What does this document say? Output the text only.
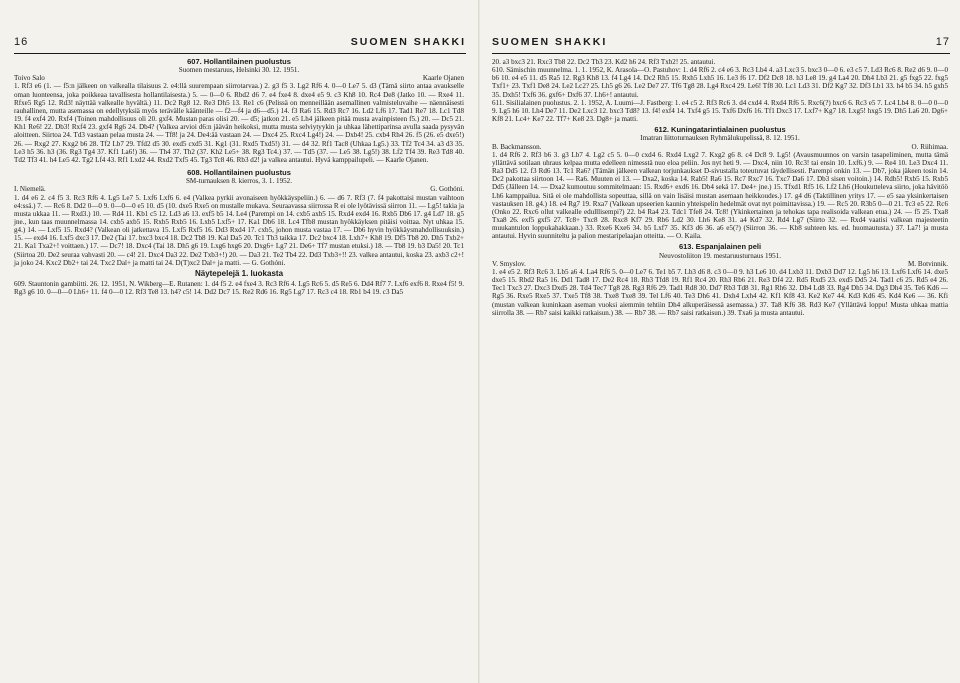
16	SUOMEN SHAKKI
607. Hollantilainen puolustus
Suomen mestaruus, Helsinki 30. 12. 1951.
Toivo Salo	Kaarle Ojanen

1. Rf3 e6 (1. — f5:n jälkeen on valkealla tilaisuus 2. e4:llä suurempaan siirrotarvaa.) 2. g3 f5 3. Lg2 Rf6 4. 0—0 Le7 5. d3 (Tämä siirto antaa avaukselle oman luonteensa, joka poikkeaa tavallisesta hollantilaisesta.) 5. — 0—0 6. Rbd2 d6 7. e4 fxe4 8. dxe4 e5 9. c3 Kh8 10. Rc4 De8 (Jatko 10. — Rxe4 11. Rfxe5 Rg5 12. Rd3! näyttää valkealle hyvältä.) 11. Dc2 Rg8 12. Re3 Dh5 13. Re1 c6 (Pelissä on menneillään asemallinen valmisteluvaihe — näennäisesti rauhallinen, mutta asemassa on edellytyksiä myös terävälle käänteille — f2—f4 ja d6—d5.) 14. f3 Ra6 15. Rd3 Rc7 16. Ld2 Lf6 17. Tad1 Re7 18. Lc1 Td8 19. f4 exf4 20. Rxf4 (Toinen mahdollisuus oli 20. gxf4. Mustan paras olisi 20. — d5; jatkon 21. e5 Lh4 jälkeen pitää musta avainpisteen f5.) 20. — Dc5 21. Kh1 Re6! 22. Db3! Rxf4 23. gxf4 Rg6 24. Db4? (Valkea arvioi d6:n jäävän heikoksi, mutta musta selviytyykin ja uhkaa lähettiparinsa avulla saada pysyvän aloitteen. Siirtoa 24. Td3 vastaan pelaa musta 24. — Tf8! ja 24. De4:ää vastaan 24. — Dxc4 25. Rxc4 Lg4!) 24. — Dxb4! 25. cxb4 Rh4 26. f5 (26. e5 dxe5!) 26. — Rxg2 27. Kxg2 b6 28. Tf2 Lb7 29. Tfd2 d5 30. exd5 cxd5 31. Kg1 (31. Rxd5 Txd5!) 31. — d4 32. Rf1 Tac8 (Uhkaa Lg5.) 33. Tf2 Tc4 34. a3 d3 35. Le3 h5 36. h3 (36. Rg3 Tg4 37. Kf1 La6!) 36. — Th4 37. Th2 (37. Kh2 Le5+ 38. Rg3 Tc4.) 37. — Td5 (37. — Le5 38. Lg5!) 38. Lf2 Tf4 39. Re3 Td8 40. Td2 Tf3 41. h4 Le5 42. Tg2 Lf4 43. Rf1 Lxd2 44. Rxd2 Txf5 45. Tg3 Tc8 46. Rb3 d2! ja valkea antautui. Hyvä kamppailupeli. — Kaarle Ojanen.

608. Hollantilainen puolustus
SM-turnauksen 8. kierros, 3. 1. 1952.
I. Niemelä.	G. Gothóni.

1. d4 e6 2. c4 f5 3. Rc3 Rf6 4. Lg5 Le7 5. Lxf6 Lxf6 6. e4 (Valkea pyrkii avonaiseen hyökkäyspeliin.) 6. — d6 7. Rf3 (7. f4 pakottaisi mustan vaihtoon e4:ssä.) 7. — Rc6 8. Dd2 0—0 9. 0—0—0 e5 10. d5 (10. dxe5 Rxe5 on mustalle mukava. Seuraavassa siirrossa R ei ole lyötävissä siirron 11. — Lg5! takia ja musta ukkaa 11. — Rxd3.) 10. — Rd4 11. Kb1 c5 12. Ld3 a6 13. exf5 b5 14. Le4 (Parempi on 14. cxb5 axb5 15. Rxd4 exd4 16. Rxb5 Db6 17. g4 Ld7 18. g5 jne., kun taas muunnelmassa 14. cxb5 axb5 15. Rxb5 Rxb5 16. Lxb5 Lxf5+ 17. Ka1 Db6 18. Lc4 Tfb8 mustan hyökkäyksen pitäisi voittaa. Nyt uhkaa 15. g4.) 14. — Lxf5 15. Rxd4? (Valkean oli jatkettava 15. Lxf5 Rxf5 16. Dd3 Rxd4 17. cxb5, johon musta vastaa 17. — Db6 hyvin hyökkäysmahdollisuuksin.) 15. — exd4 16. Lxf5 dxc3 17. De2 (Tai 17. bxc3 bxc4 18. Dc2 Tb8 19. Kal Da5 20. Tc1 Tb3 taikka 17. Dc2 bxc4 18. Lxh7+ Kh8 19. Df5 Tb8 20. Dh5 Txb2+ 21. Ka1 Txa2+! voittaen.) 17. — Dc7! 18. Dxc4 (Tai 18. Dh5 g6 19. Lxg6 hxg6 20. Dxg6+ Lg7 21. De6+ Tf7 mustan etuksi.) 18. — Tb8 19. b3 Da5! 20. Tc1 (Siirtoa 20. De2 seuraa vahvasti 20. — c4! 21. Dxc4 Da3 22. De2 Txb3+!) 20. — Da3 21. Te2 Tb4 22. Dd3 Txb3+!! 23. valkea antautui, koska 23. axb3 c2+! ja joko 24. Kxc2 Db2+ tai 24. Txc2 Dal+ ja matti tai 24. D(T)xc2 Dal+ ja matti. — G. Gothóni.

Näytepelejä 1. luokasta

609. Stauntonin gambiitti. 26. 12. 1951, N. Wikberg—E. Rutanen: 1. d4 f5 2. e4 fxe4 3. Rc3 Rf6 4. Lg5 Rc6 5. d5 Re5 6. Dd4 Rf7 7. Lxf6 exf6 8. Rxe4 f5! 9. Rg3 g6 10. 0—0—0 Lh6+ 11. f4 0—0 12. Rf3 Te8 13. h4? c5! 14. Dd2 Dc7 15. Re2 Rd6 16. Rg5 Lg7 17. Rc3 c4 18. Rb1 b4 19. c3 Da5

SUOMEN SHAKKI	17

20. a3 bxc3 21. Rxc3 Tb8 22. Dc2 Tb3 23. Kd2 h6 24. Rf3 Txb2! 25. antautui.

610. Sämischin muunnelma. 1. 1. 1952, K. Arasola—O. Pastuhov: 1. d4 Rf6 2. c4 e6 3. Rc3 Lb4 4. a3 Lxc3 5. bxc3 0—0 6. e3 c5 7. Ld3 Rc6 8. Re2 d6 9. 0—0 b6 10. e4 e5 11. d5 Ra5 12. Rg3 Kh8 13. f4 Lg4 14. Dc2 Rh5 15. Rxh5 Lxh5 16. Le3 f6 17. Df2 Dc8 18. h3 Le8 19. g4 La4 20. Dh4 Lb3 21. g5 fxg5 22. fxg5 Txf1+ 23. Txf1 De8 24. Le2 Lc2? 25. Lh5 g6 26. Le2 De7 27. Tf6 Tg8 28. Lg4 Rxc4 29. Le6! Tf8 30. Lc1 Ld3 31. Df2 Kg7 32. Df3 Lb1 33. h4 b5 34. h5 gxh5 35. Dxh5! Txf6 36. gxf6+ Dxf6 37. Lh6+! antautui.

611. Sisilialainen puolustus. 2. 1. 1952, A. Luumi—J. Fastberg: 1. e4 c5 2. Rf3 Rc6 3. d4 cxd4 4. Rxd4 Rf6 5. Rxc6(?) bxc6 6. Rc3 e5 7. Lc4 Lb4 8. 0—0 0—0 9. Lg5 h6 10. Lh4 De7 11. De2 Lxc3 12. bxc3 Td8? 13. f4! exf4 14. Txf4 g5 15. Txf6 Dxf6 16. Tf1 Dxc3 17. Lxf7+ Kg7 18. Lxg5! hxg5 19. Dh5 La6 20. Dg6+ Kf8 21. Lc4+ Ke7 22. Tf7+ Ke8 23. Dg8+ ja matti.

612. Kuningatarintialainen puolustus
Imatran liittoturnauksen Ryhmälukupelissä, 8. 12. 1951.
B. Backmansson.	O. Riihimaa.

1. d4 Rf6 2. Rf3 b6 3. g3 Lb7 4. Lg2 c5 5. 0—0 cxd4 6. Rxd4 Lxg2 7. Kxg2 g6 8. c4 Dc8 9. Lg5! (Avausmuunnos on varsin tasapeliminen, mutta tämä yllättävä sotilaan uhraus kelpaa mutta edelleen nimesstä nuo eloa peliin. Jos nyt heti 9. — Dxc4, niin 10. Rc3! tai ensin 10. Lxf6.) 9. — Re4 10. Le3 Dxc4 11. Ra3 Dd5 12. f3 Rd6 13. Tc1 Ra6? (Tämän jälkeen valkean torjunkaukset D-sivustalla toteutuvat täydellisesti. Parempi onkin 13. — Db7, joka jäkeen tosin 14. Dc2 pakottaa siirtoon 14. — Ra6. Muuten ei 13. — Dxa2, koska 14. Rab5! Ra6 15. Rc7 Rxc7 16. Txc7 Da6 17. Db3 sisen voitoin.) 14. Rdb5! Rxb5 15. Rxb5 Dd5 (Jälleen 14. — Dxa2 kumoutuu sommitelmaan: 15. Rxd6+ exd6 16. Db4 sekä 17. De4+ jne.) 15. Tfxd1 Rf5 16. Lf2 Lh6 (Houkutteleva siirto, joka hävitöö Lh6 kamppailua. Sitä ei ole mahdollista sopeuttaa, sillä on vain lisäisi mustan asemaan heikkoudes.) 17. g4 d6 (Taktillinen yritys 17. — e5 saa yksinkertaisen vastauksen 18. g4.) 18. e4 Rg7 19. Rxa7 (Valkean upseerien kaunin yhteispelin hedelmät ovat nyt poimittavissa.) 19. — Rc5 20. R3b5 0—0 21. Tc3 e5 22. Rc6 (Onko 22. Rxc6 ollut valkealle edulllisempi?) 22. b4 Ra4 23. Tdc1 Tfe8 24. Tc8! (Ykinkertainen ja tehokas tapa realisoida valkean etua.) 24. — f5 25. Txa8 Txa8 26. exf5 gxf5 27. Tc8+ Txc8 28. Rxc8 Kf7 29. Rb6 Ld2 30. Lh6 Ke8 31. a4 Kd7 32. Rd4 Lg7 (Siirto 32. — Rxd4 vaatisi valkean majesteetin muukantulon loppukahakkaan.) 33. Rxe6 Kxe6 34. b5 Lxf7 35. Kf3 d6 36. a6 e5(?) (Siirron 36. — Kb8 suhteen kts. ed. huomautusta.) 37. La7! ja musta antautui. Hyvin suunniteltu ja palion mestaripelaajan otteitta. — O. Kaila.

613. Espanjalainen peli
Neuvostoliiton 19. mestaruusturnaus 1951.
V. Smyslov.	M. Botvinnik.

1. e4 e5 2. Rf3 Rc6 3. Lb5 a6 4. La4 Rf6 5. 0—0 Le7 6. Te1 b5 7. Lb3 d6 8. c3 0—0 9. h3 Le6 10. d4 Lxb3 11. Dxb3 Dd7 12. Lg5 h6 13. Lxf6 Lxf6 14. dxe5 dxe5 15. Rbd2 Ra5 16. Dd1 Tad8 17. De2 Rc4 18. Rb3 Tfd8 19. Rf1 Rc4 20. Rh3 Rb6 21. Re3 Df4 22. Rd5 Rxd5 23. exd5 Dd5 24. Tad1 c6 25. Rd5 e4 26. Tec1 Txc3 27. Dxc3 Dxd5 28. Td4 Tec7 Tg8 28. Rg3 Rf6 29. Tad1 Rd8 30. Dd7 Rb3 Td8 31. Rg1 Rh6 32. Dh4 Ld8 33. Rg4 Dh5 34. Dg3 Dh4 35. Te6 Kd6 — Rg5 36. Rxe5 Rxe5 37. Txe5 Tf8 38. Txe8 Txe8 39. Tel Lf6 40. Te3 Dh6 41. Dxh4 Lxh4 42. Kf1 Kf8 43. Ke2 Ke7 44. Kd3 Kd6 45. Kd4 Ke6 — 36. Kfi (mustan valkean kuninkaan aseman vuoksi aiemmin tehtiin Dh4 alkuperäisessä asemassa.) 37. Ta8 Kf6 38. Rd3 Ke7 (Yllättävä loppu! Musta uhkaa mattia siirrolla 38. — Rb7 saisi kaikki ratkaisun.) 38. — Rb7 38. — Rb7 saisi ratkaisun.) 39. Txa6 ja musta antautui.
